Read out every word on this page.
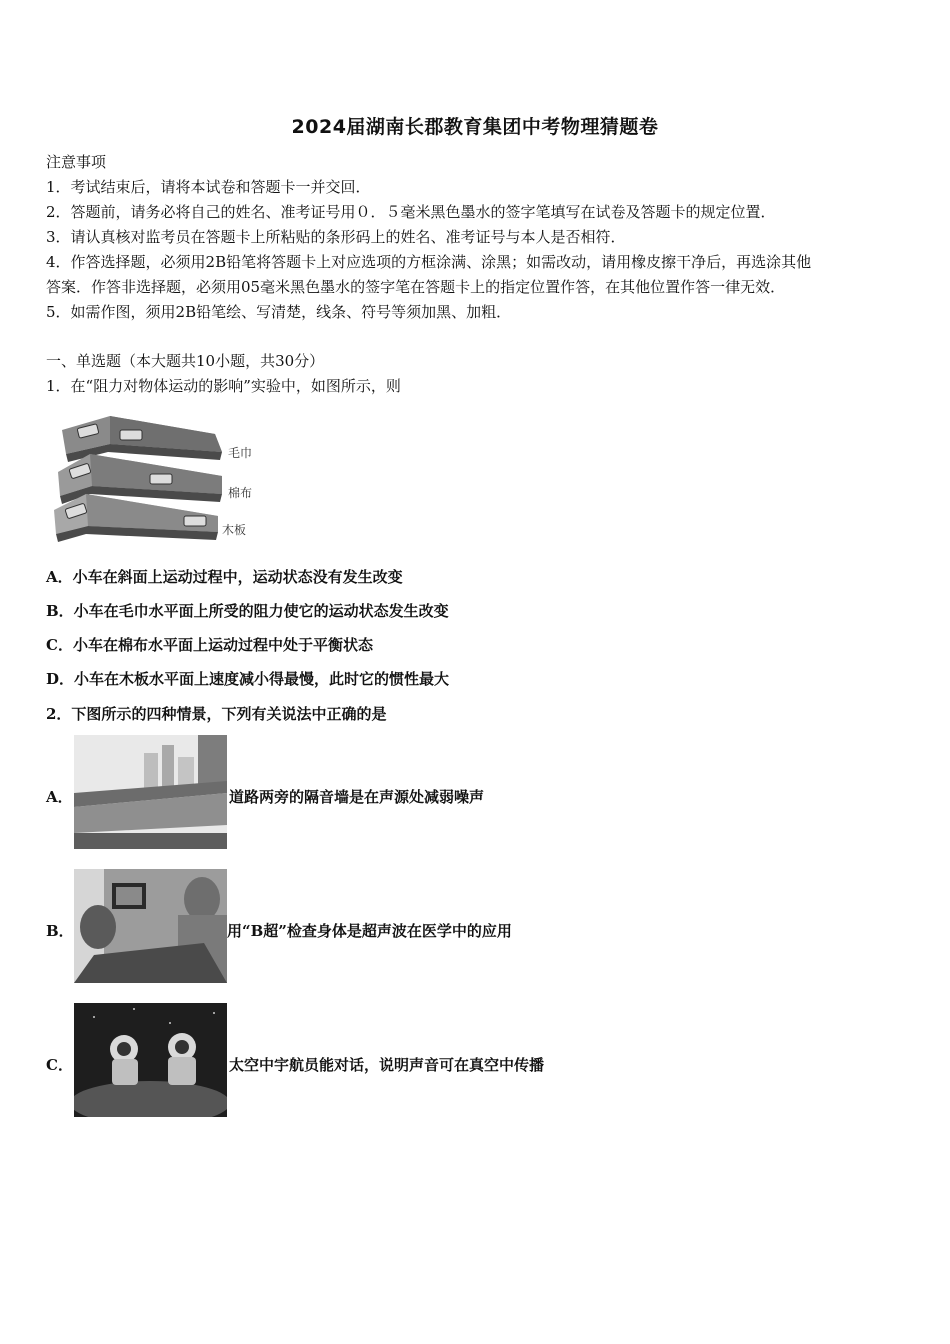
2024届湖南长郡教育集团中考物理猜题卷
注意事项
1．考试结束后，请将本试卷和答题卡一并交回．
2．答题前，请务必将自己的姓名、准考证号用０．５毫米黑色墨水的签字笔填写在试卷及答题卡的规定位置．
3．请认真核对监考员在答题卡上所粘贴的条形码上的姓名、准考证号与本人是否相符．
4．作答选择题，必须用2B铅笔将答题卡上对应选项的方框涂满、涂黑；如需改动，请用橡皮擦干净后，再选涂其他
答案．作答非选择题，必须用05毫米黑色墨水的签字笔在答题卡上的指定位置作答，在其他位置作答一律无效．
5．如需作图，须用2B铅笔绘、写清楚，线条、符号等须加黑、加粗．
一、单选题（本大题共10小题，共30分）
1．在“阻力对物体运动的影响”实验中，如图所示，则
毛巾
棉布
木板
A．小车在斜面上运动过程中，运动状态没有发生改变
B．小车在毛巾水平面上所受的阻力使它的运动状态发生改变
C．小车在棉布水平面上运动过程中处于平衡状态
D．小车在木板水平面上速度减小得最慢，此时它的惯性最大
2．下图所示的四种情景，下列有关说法中正确的是
A．	道路两旁的隔音墙是在声源处减弱噪声
B．	用“B超”检查身体是超声波在医学中的应用
C．	太空中宇航员能对话，说明声音可在真空中传播
